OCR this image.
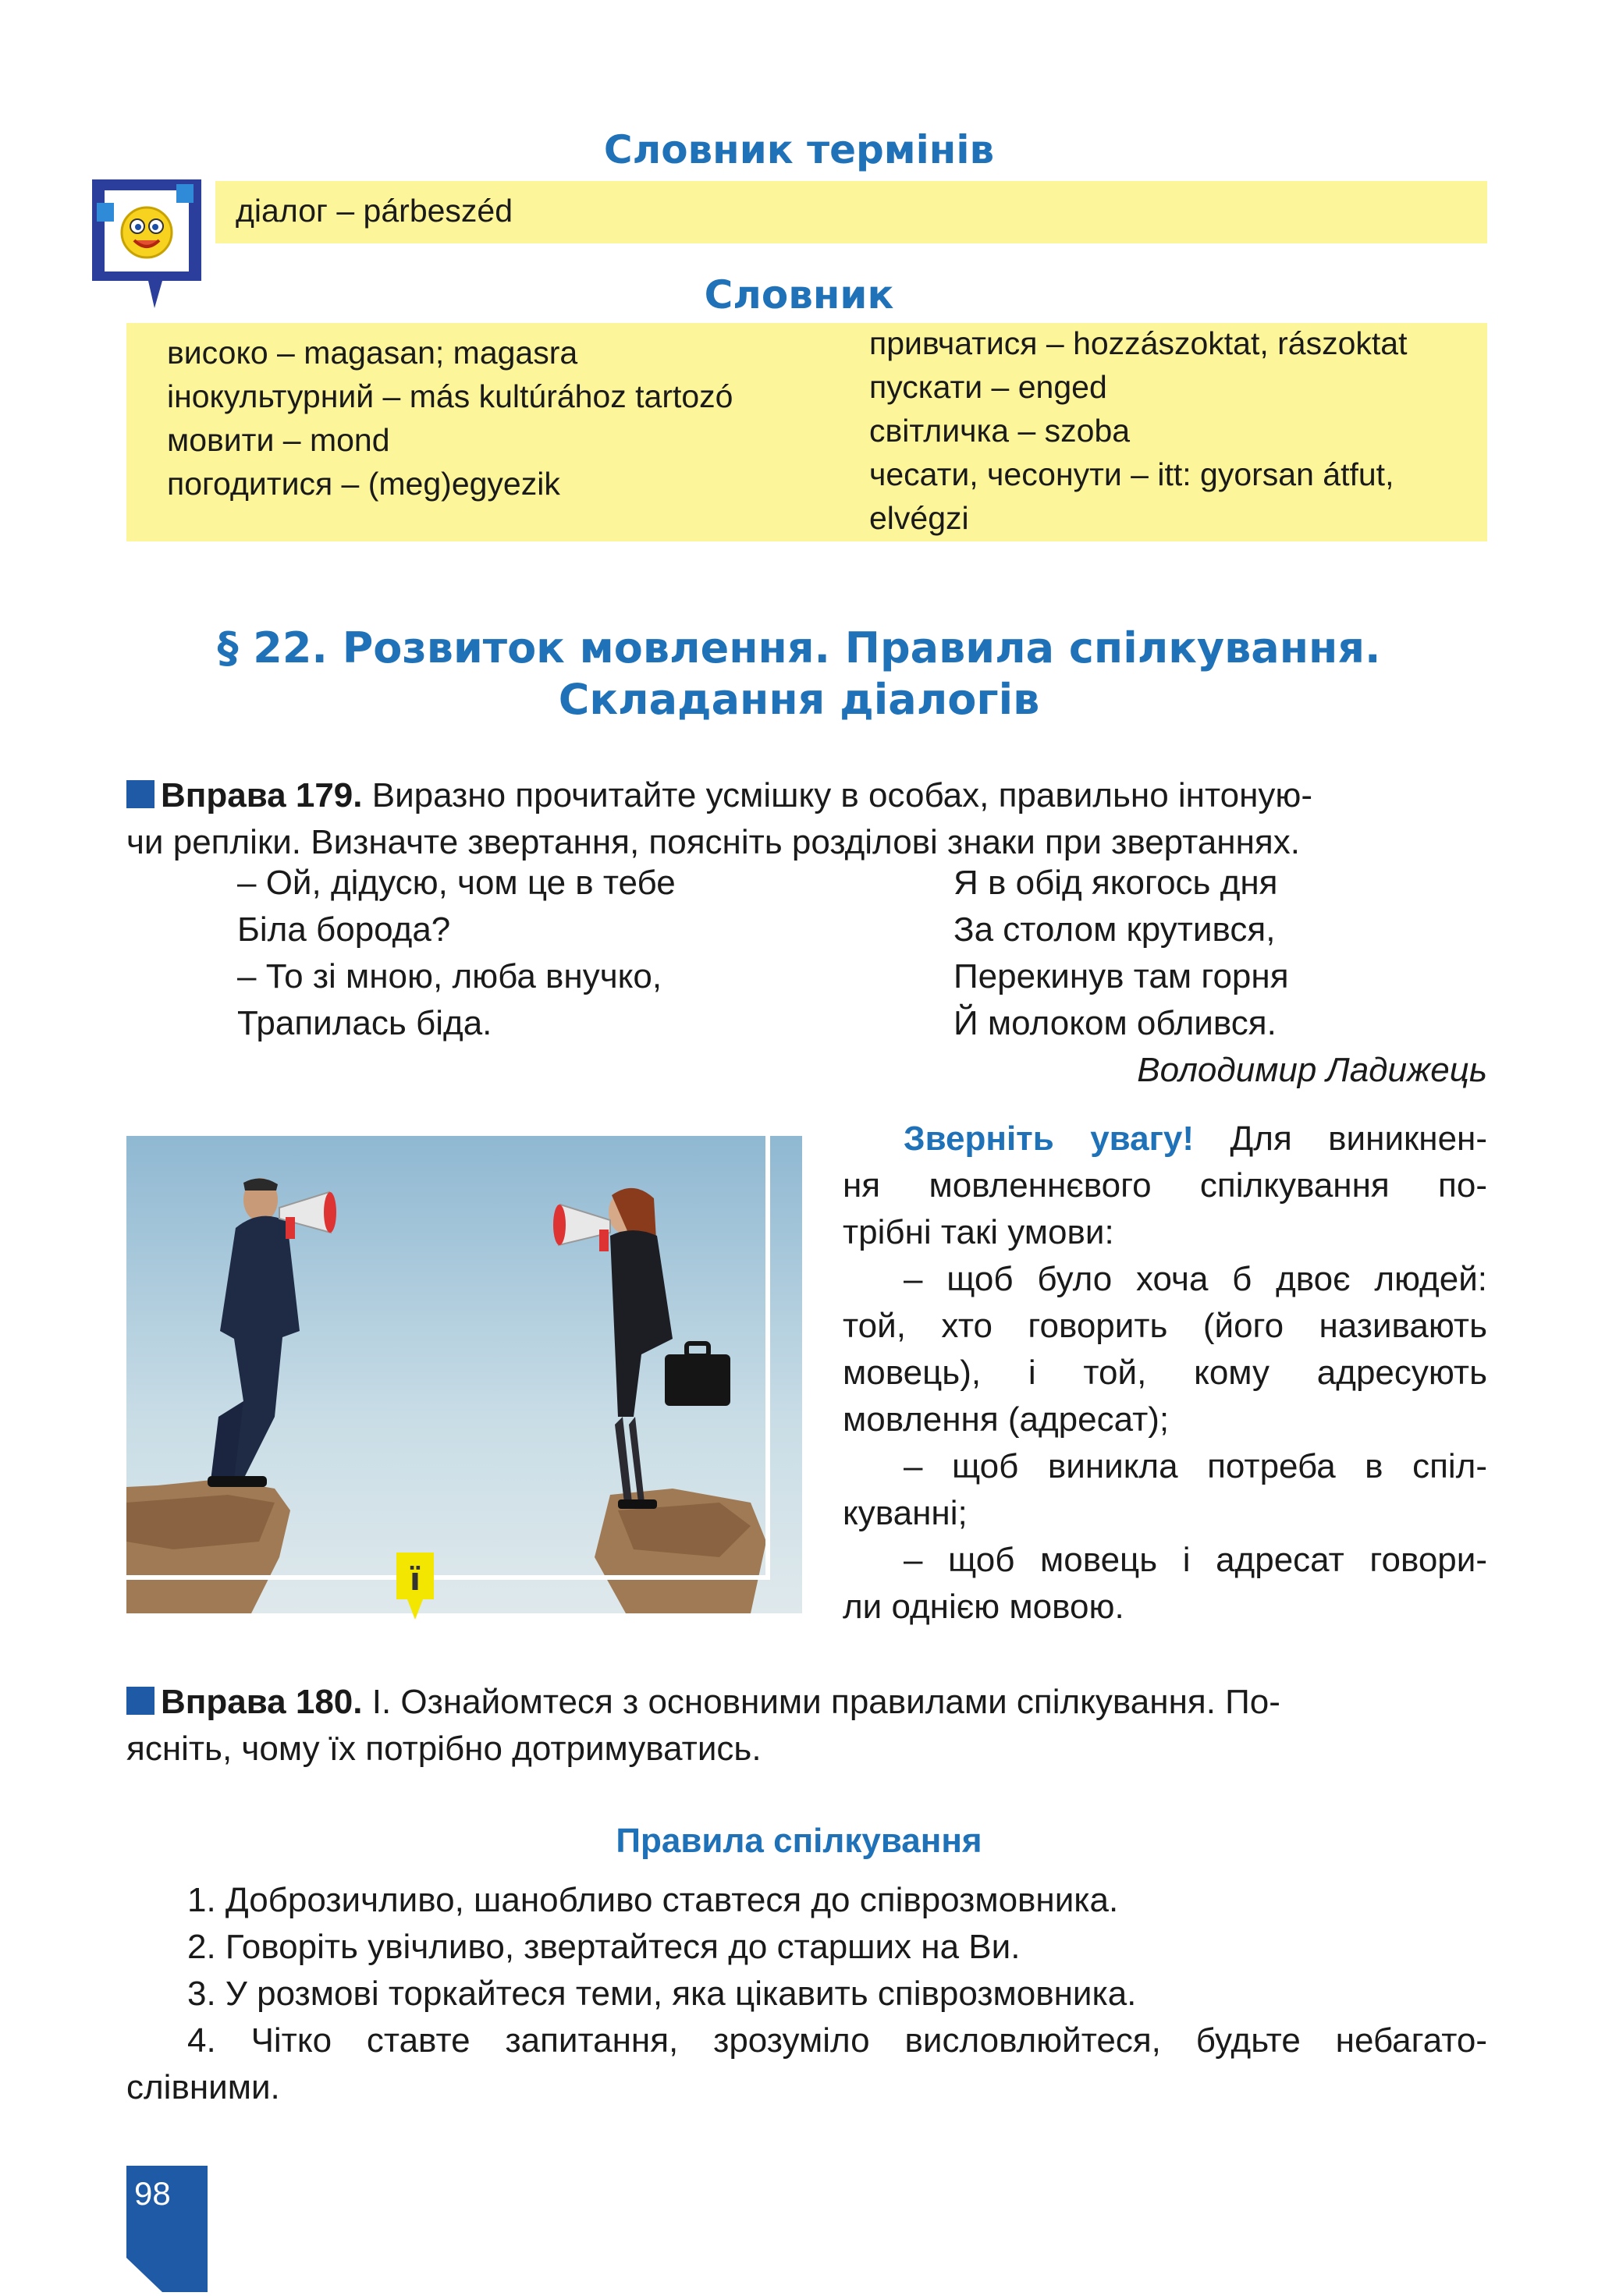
Словник термінів
діалог – párbeszéd
Словник
високо – magasan; magasra
інокультурний – más kultúrához tartozó
мовити – mond
погодитися – (meg)egyezik
привчатися – hozzászoktat, rászoktat
пускати – enged
світличка – szoba
чесати, чесонути – itt: gyorsan átfut,
elvégzi
§ 22. Розвиток мовлення. Правила спілкування.
Складання діалогів
Вправа 179. Виразно прочитайте усмішку в особах, правильно інтоную-
чи репліки. Визначте звертання, поясніть розділові знаки при звертаннях.
– Ой, дідусю, чом це в тебе
Біла борода?
– То зі мною, люба внучко,
Трапилась біда.
Я в обід якогось дня
За столом крутився,
Перекинув там горня
Й молоком облився.
Володимир Ладижець
ї
Зверніть увагу! Для виникнен-
ня мовленнєвого спілкування по-
трібні такі умови:
– щоб було хоча б двоє людей:
той, хто говорить (його називають
мовець), і той, кому адресують
мовлення (адресат);
– щоб виникла потреба в спіл-
куванні;
– щоб мовець і адресат говори-
ли однією мовою.
Вправа 180. І. Ознайомтеся з основними правилами спілкування. По-
ясніть, чому їх потрібно дотримуватись.
Правила спілкування
1. Доброзичливо, шанобливо ставтеся до співрозмовника.
2. Говоріть увічливо, звертайтеся до старших на Ви.
3. У розмові торкайтеся теми, яка цікавить співрозмовника.
4. Чітко ставте запитання, зрозуміло висловлюйтеся, будьте небагато-
слівними.
98
